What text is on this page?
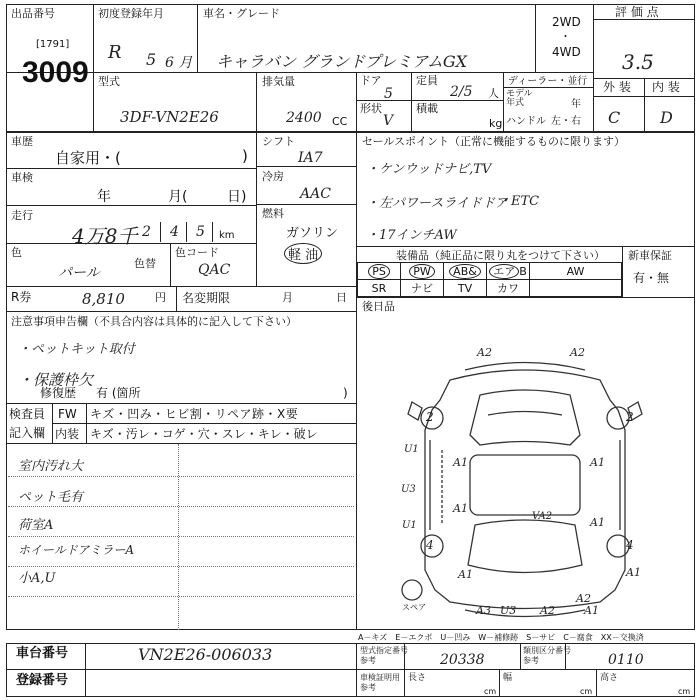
出品番号
[1791]
3009
初度登録年月
R 5 6 月
車名・グレード
キャラバン グランドプレミアムGX
2WD
・
4WD
評 価 点
3.5
型式
3DF-VN2E26
排気量
2400 CC
ドア
5
定員
2/5 人
形状
V
積載
kg
ディーラー・並行
モデル
年式	年
ハンドル 左・右
外 装 内 装
C D
車歴
自家用・(	)
車検
年	月(	日)
走行
4万8千 2 4 5 km
色
パール
色替
色コード
QAC
シフト
IA7
冷房
AAC
燃料
ガソリン
軽 油
R券	8,810	円 名変期限	月	日
注意事項申告欄（不具合内容は具体的に記入して下さい）
・ペットキット取付
・保護枠欠
修復歴 有 (箇所	)
検査員
記入欄
FW キズ・凹み・ヒビ割・リペア跡・X要
内装 キズ・汚レ・コゲ・穴・スレ・キレ・破レ
室内汚れ大
ペット毛有
荷室A
ホイールドアミラーA
小A,U
セールスポイント（正常に機能するものに限ります）
・ケンウッドナビ,TV
・左パワースライドドア
・ETC
・17インチAW
装備品（純正品に限り丸をつけて下さい） 新車保証
有・無
PS	PW	AB&	エア B	AW
SR	ナビ	TV	カワ	
後日品
A2	A2
2	2
U1
A1	A1
U3
A1
U1	A1
VA2
4	4
A1	A1
A3 U3 A2
A2
A1
スペア
A－キズ　E－エクボ　U－凹み　W－補修跡　S－サビ　C－腐食　XX－交換済
車台番号	VN2E26-006033
登録番号
型式指定番号
参考	20338
類別区分番号
参考	0110
車検証明用
参考
長さ	幅	高さ
cm	cm	cm
